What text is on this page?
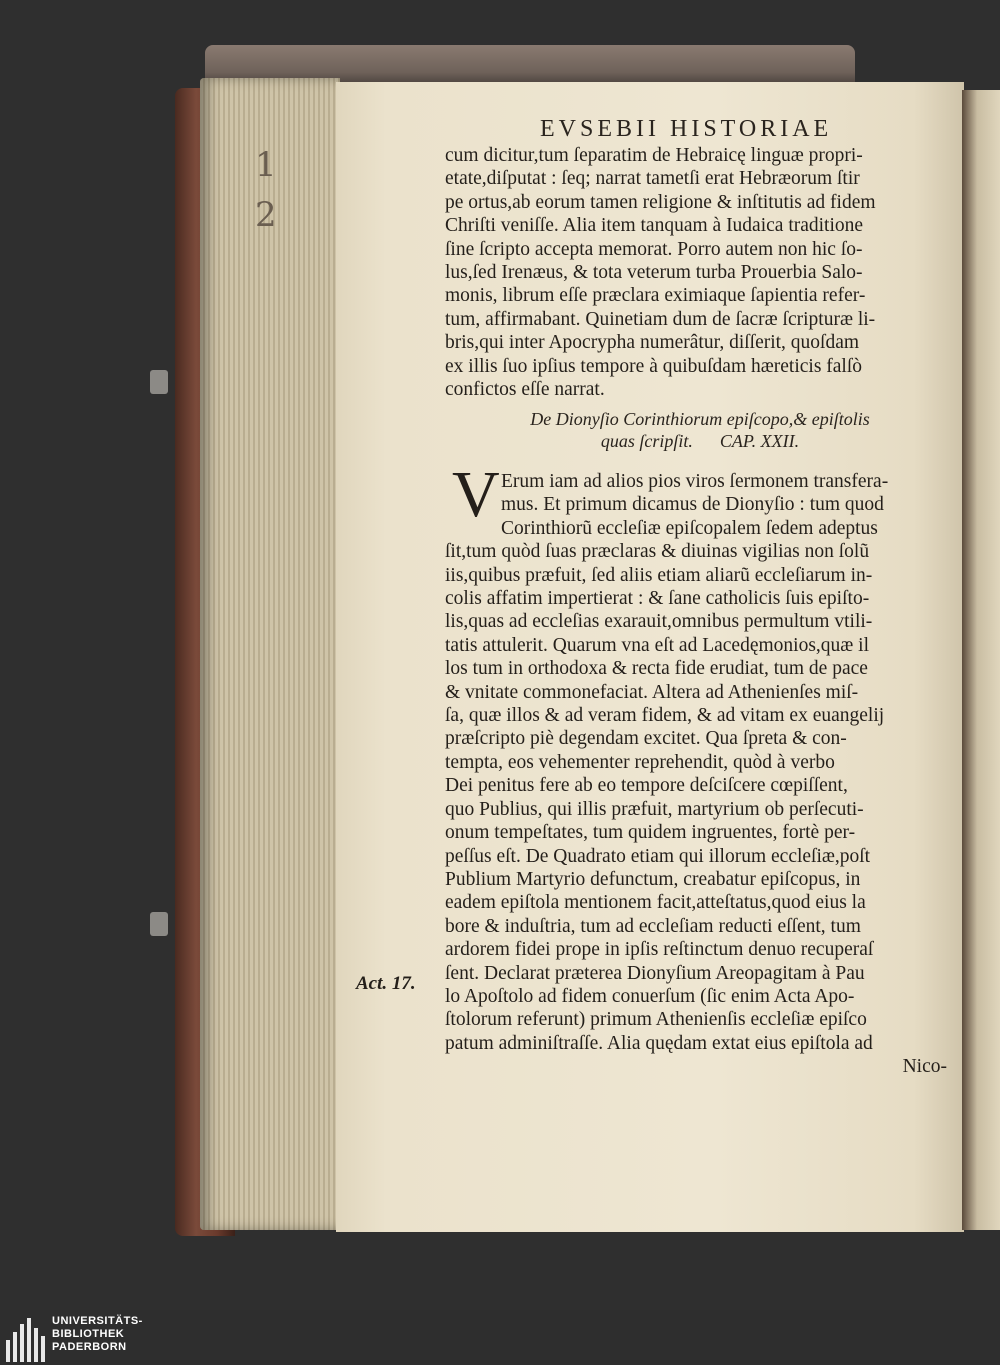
1 2
EVSEBII HISTORIAE
cum dicitur,tum ſeparatim de Hebraicę linguæ propri-
etate,diſputat : ſeq; narrat tametſi erat Hebræorum ſtir
pe ortus,ab eorum tamen religione & inſtitutis ad fidem
Chriſti veniſſe. Alia item tanquam à Iudaica traditione
ſine ſcripto accepta memorat. Porro autem non hic ſo-
lus,ſed Irenæus, & tota veterum turba Prouerbia Salo-
monis, librum eſſe præclara eximiaque ſapientia refer-
tum, affirmabant. Quinetiam dum de ſacræ ſcripturæ li-
bris,qui inter Apocrypha numerâtur, diſſerit, quoſdam
ex illis ſuo ipſius tempore à quibuſdam hæreticis falſò
confictos eſſe narrat.
De Dionyſio Corinthiorum epiſcopo,& epiſtolis
quas ſcripſit.      CAP. XXII.
V Erum iam ad alios pios viros ſermonem transfera-
mus. Et primum dicamus de Dionyſio : tum quod
Corinthiorũ eccleſiæ epiſcopalem ſedem adeptus
ſit,tum quòd ſuas præclaras & diuinas vigilias non ſolũ
iis,quibus præfuit, ſed aliis etiam aliarũ eccleſiarum in-
colis affatim impertierat : & ſane catholicis ſuis epiſto-
lis,quas ad eccleſias exarauit,omnibus permultum vtili-
tatis attulerit. Quarum vna eſt ad Lacedęmonios,quæ il
los tum in orthodoxa & recta fide erudiat, tum de pace
& vnitate commonefaciat. Altera ad Athenienſes miſ-
ſa, quæ illos & ad veram fidem, & ad vitam ex euangelij
præſcripto piè degendam excitet. Qua ſpreta & con-
tempta, eos vehementer reprehendit, quòd à verbo
Dei penitus fere ab eo tempore deſciſcere cœpiſſent,
quo Publius, qui illis præfuit, martyrium ob perſecuti-
onum tempeſtates, tum quidem ingruentes, fortè per-
peſſus eſt. De Quadrato etiam qui illorum eccleſiæ,poſt
Publium Martyrio defunctum, creabatur epiſcopus, in
eadem epiſtola mentionem facit,atteſtatus,quod eius la
bore & induſtria, tum ad eccleſiam reducti eſſent, tum
ardorem fidei prope in ipſis reſtinctum denuo recuperaſ
ſent. Declarat præterea Dionyſium Areopagitam à Pau
lo Apoſtolo ad fidem conuerſum (ſic enim Acta Apo-
ſtolorum referunt) primum Athenienſis eccleſiæ epiſco
patum adminiſtraſſe. Alia quędam extat eius epiſtola ad
Nico-
Act. 17.
UNIVERSITÄTS-
BIBLIOTHEK
PADERBORN
